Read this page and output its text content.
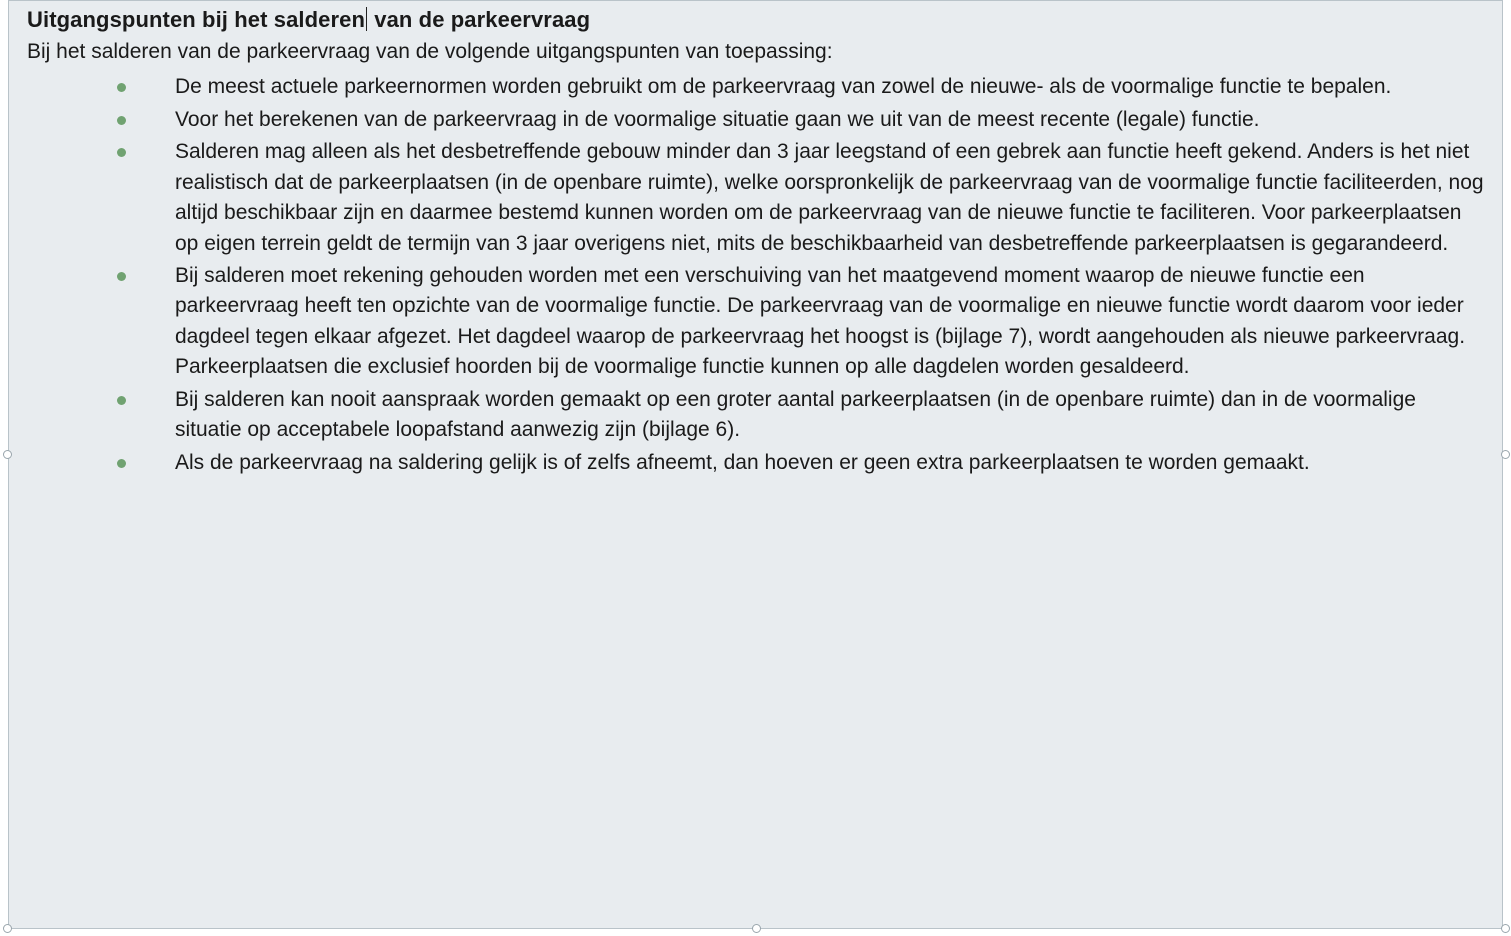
Uitgangspunten bij het salderen van de parkeervraag

Bij het salderen van de parkeervraag van de volgende uitgangspunten van toepassing:

De meest actuele parkeernormen worden gebruikt om de parkeervraag van zowel de nieuwe- als de voormalige functie te bepalen.
Voor het berekenen van de parkeervraag in de voormalige situatie gaan we uit van de meest recente (legale) functie.
Salderen mag alleen als het desbetreffende gebouw minder dan 3 jaar leegstand of een gebrek aan functie heeft gekend. Anders is het niet realistisch dat de parkeerplaatsen (in de openbare ruimte), welke oorspronkelijk de parkeervraag van de voormalige functie faciliteerden, nog altijd beschikbaar zijn en daarmee bestemd kunnen worden om de parkeervraag van de nieuwe functie te faciliteren. Voor parkeerplaatsen op eigen terrein geldt de termijn van 3 jaar overigens niet, mits de beschikbaarheid van desbetreffende parkeerplaatsen is gegarandeerd.
Bij salderen moet rekening gehouden worden met een verschuiving van het maatgevend moment waarop de nieuwe functie een parkeervraag heeft ten opzichte van de voormalige functie. De parkeervraag van de voormalige en nieuwe functie wordt daarom voor ieder dagdeel tegen elkaar afgezet. Het dagdeel waarop de parkeervraag het hoogst is (bijlage 7), wordt aangehouden als nieuwe parkeervraag. Parkeerplaatsen die exclusief hoorden bij de voormalige functie kunnen op alle dagdelen worden gesaldeerd.
Bij salderen kan nooit aanspraak worden gemaakt op een groter aantal parkeerplaatsen (in de openbare ruimte) dan in de voormalige situatie op acceptabele loopafstand aanwezig zijn (bijlage 6).
Als de parkeervraag na saldering gelijk is of zelfs afneemt, dan hoeven er geen extra parkeerplaatsen te worden gemaakt.
